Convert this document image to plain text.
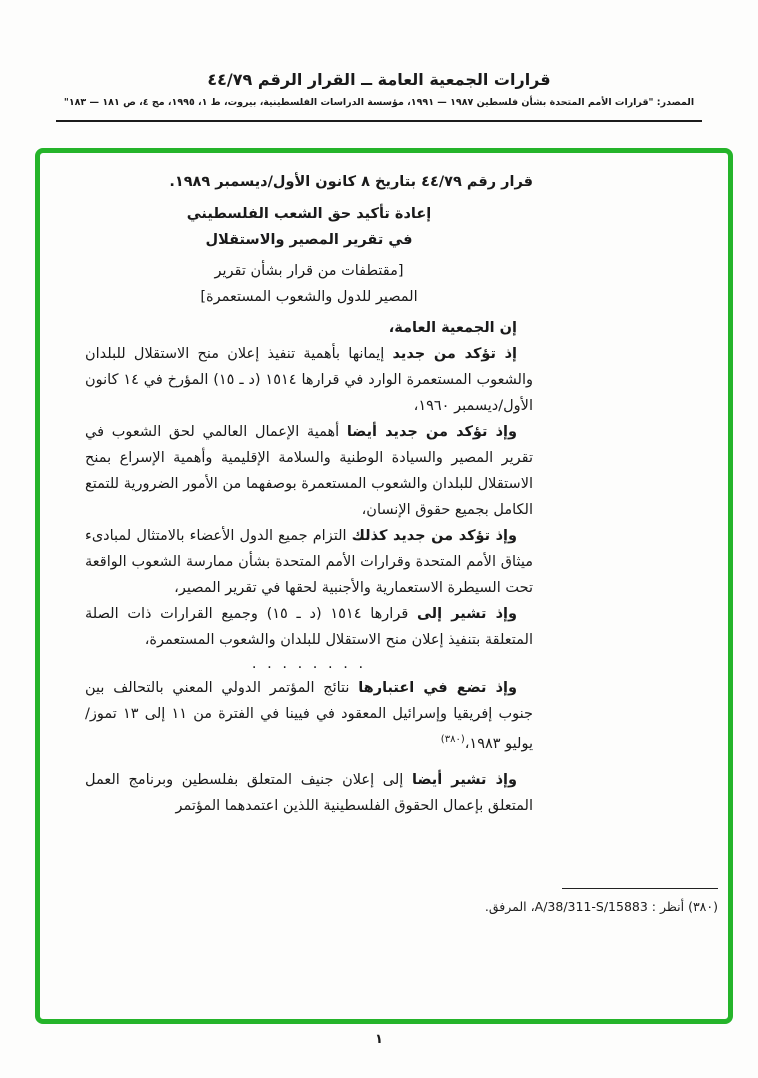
قرارات الجمعية العامة ــ القرار الرقم ٤٤/٧٩
المصدر: "قرارات الأمم المتحدة بشأن فلسطين ١٩٨٧ — ١٩٩١، مؤسسة الدراسات الفلسطينية، بيروت، ط ١، ١٩٩٥، مج ٤، ص ١٨١ — ١٨٣"

قرار رقم ٤٤/٧٩ بتاريخ ٨ كانون الأول/ديسمبر ١٩٨٩.

إعادة تأكيد حق الشعب الفلسطيني

في تقرير المصير والاستقلال

[مقتطفات من قرار بشأن تقرير

المصير للدول والشعوب المستعمرة]

إن الجمعية العامة،

إذ تؤكد من جديد إيمانها بأهمية تنفيذ إعلان منح الاستقلال للبلدان والشعوب المستعمرة الوارد في قرارها ١٥١٤ (د ـ ١٥) المؤرخ في ١٤ كانون الأول/ديسمبر ١٩٦٠،

وإذ تؤكد من جديد أيضا أهمية الإعمال العالمي لحق الشعوب في تقرير المصير والسيادة الوطنية والسلامة الإقليمية وأهمية الإسراع بمنح الاستقلال للبلدان والشعوب المستعمرة بوصفهما من الأمور الضرورية للتمتع الكامل بجميع حقوق الإنسان،

وإذ تؤكد من جديد كذلك التزام جميع الدول الأعضاء بالامتثال لمبادىء ميثاق الأمم المتحدة وقرارات الأمم المتحدة بشأن ممارسة الشعوب الواقعة تحت السيطرة الاستعمارية والأجنبية لحقها في تقرير المصير،

وإذ تشير إلى قرارها ١٥١٤ (د ـ ١٥) وجميع القرارات ذات الصلة المتعلقة بتنفيذ إعلان منح الاستقلال للبلدان والشعوب المستعمرة،

. . . . . . . .

وإذ تضع في اعتبارها نتائج المؤتمر الدولي المعني بالتحالف بين جنوب إفريقيا وإسرائيل المعقود في فيينا في الفترة من ١١ إلى ١٣ تموز/يوليو ١٩٨٣،$^{(٣٨٠)}$

وإذ تشير أيضا إلى إعلان جنيف المتعلق بفلسطين وبرنامج العمل المتعلق بإعمال الحقوق الفلسطينية اللذين اعتمدهما المؤتمر

(٣٨٠) أنظر : A/38/311-S/15883، المرفق.
١
